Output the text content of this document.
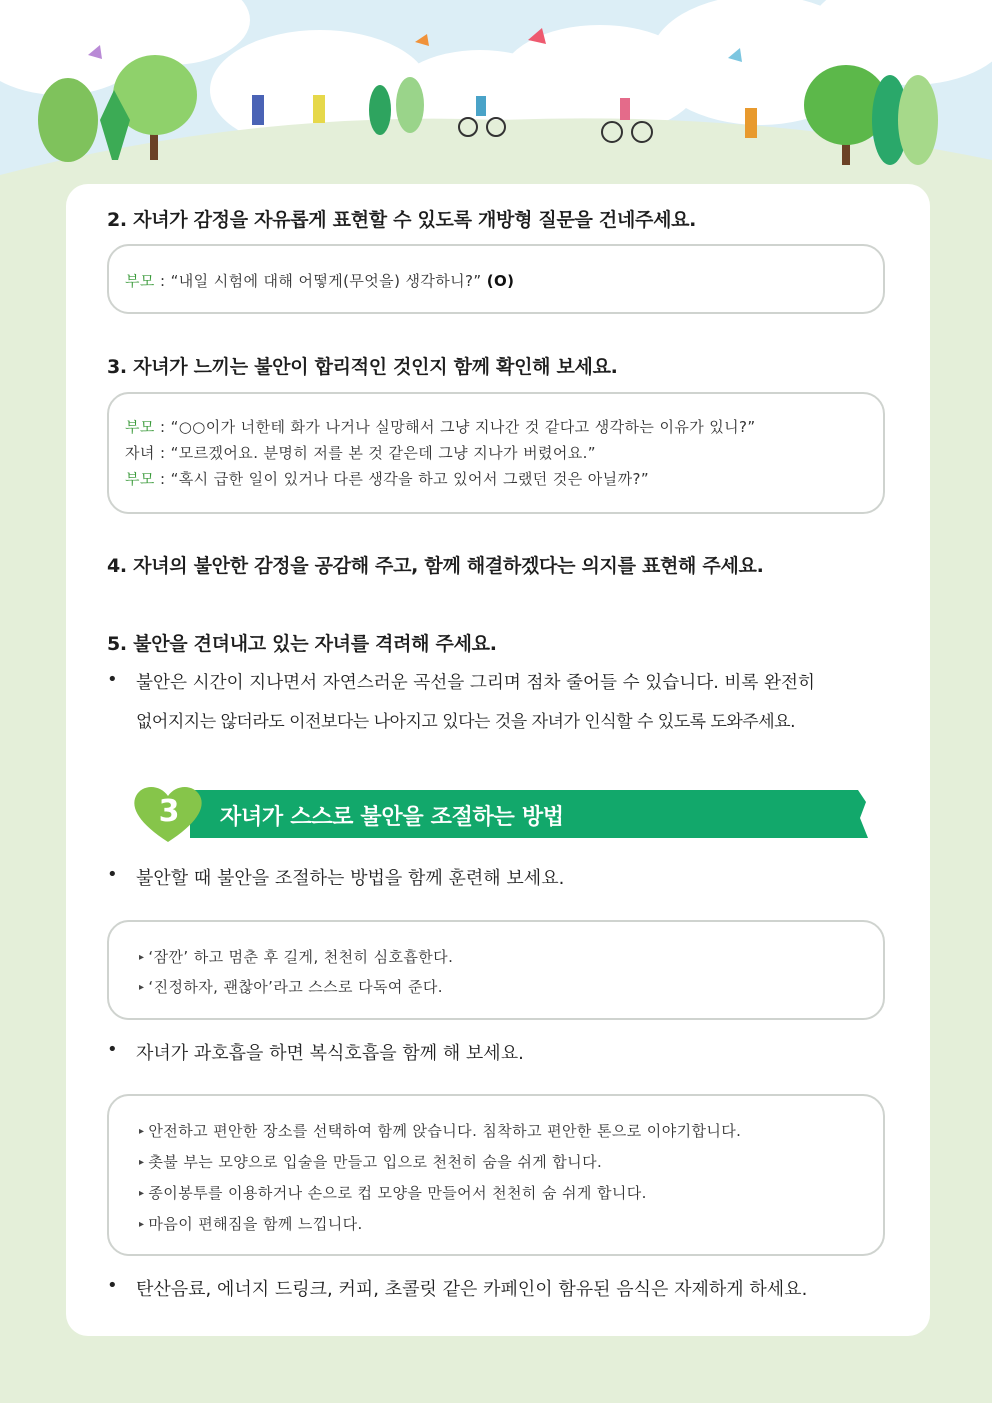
2. 자녀가 감정을 자유롭게 표현할 수 있도록 개방형 질문을 건네주세요.
부모 : “내일 시험에 대해 어떻게(무엇을) 생각하니?” (O)
3. 자녀가 느끼는 불안이 합리적인 것인지 함께 확인해 보세요.
부모 : “○○이가 너한테 화가 나거나 실망해서 그냥 지나간 것 같다고 생각하는 이유가 있니?”
자녀 : “모르겠어요. 분명히 저를 본 것 같은데 그냥 지나가 버렸어요.”
부모 : “혹시 급한 일이 있거나 다른 생각을 하고 있어서 그랬던 것은 아닐까?”
4. 자녀의 불안한 감정을 공감해 주고, 함께 해결하겠다는 의지를 표현해 주세요.
5. 불안을 견뎌내고 있는 자녀를 격려해 주세요.
• 불안은 시간이 지나면서 자연스러운 곡선을 그리며 점차 줄어들 수 있습니다. 비록 완전히
없어지지는 않더라도 이전보다는 나아지고 있다는 것을 자녀가 인식할 수 있도록 도와주세요.
3 자녀가 스스로 불안을 조절하는 방법
• 불안할 때 불안을 조절하는 방법을 함께 훈련해 보세요.
▸ ‘잠깐’ 하고 멈춘 후 길게, 천천히 심호흡한다.
▸ ‘진정하자, 괜찮아’라고 스스로 다독여 준다.
• 자녀가 과호흡을 하면 복식호흡을 함께 해 보세요.
▸ 안전하고 편안한 장소를 선택하여 함께 앉습니다. 침착하고 편안한 톤으로 이야기합니다.
▸ 촛불 부는 모양으로 입술을 만들고 입으로 천천히 숨을 쉬게 합니다.
▸ 종이봉투를 이용하거나 손으로 컵 모양을 만들어서 천천히 숨 쉬게 합니다.
▸ 마음이 편해짐을 함께 느낍니다.
• 탄산음료, 에너지 드링크, 커피, 초콜릿 같은 카페인이 함유된 음식은 자제하게 하세요.
